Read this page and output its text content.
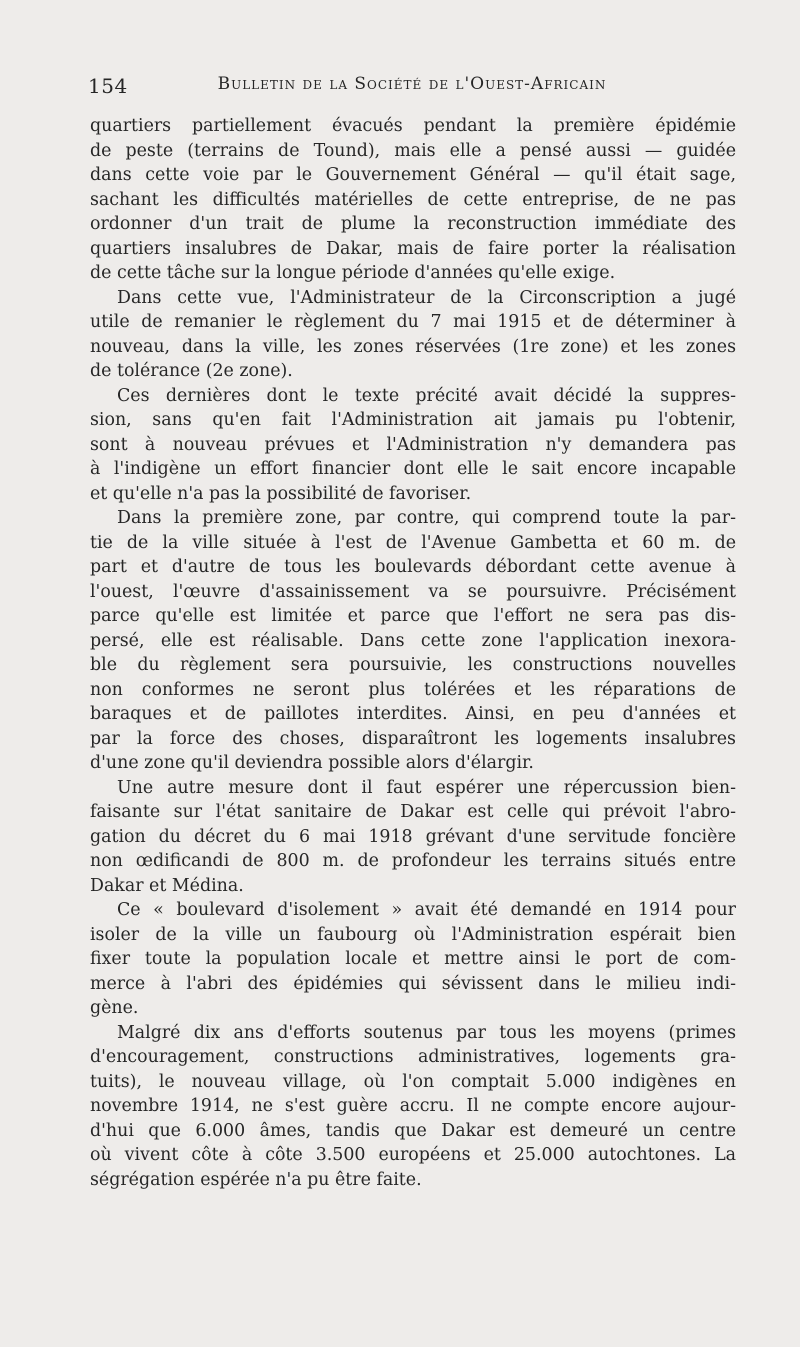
154	Bulletin de la Société de l'Ouest-Africain
quartiers partiellement évacués pendant la première épidémie
de peste (terrains de Tound), mais elle a pensé aussi — guidée
dans cette voie par le Gouvernement Général — qu'il était sage,
sachant les difficultés matérielles de cette entreprise, de ne pas
ordonner d'un trait de plume la reconstruction immédiate des
quartiers insalubres de Dakar, mais de faire porter la réalisation
de cette tâche sur la longue période d'années qu'elle exige.
Dans cette vue, l'Administrateur de la Circonscription a jugé
utile de remanier le règlement du 7 mai 1915 et de déterminer à
nouveau, dans la ville, les zones réservées (1re zone) et les zones
de tolérance (2e zone).
Ces dernières dont le texte précité avait décidé la suppres-
sion, sans qu'en fait l'Administration ait jamais pu l'obtenir,
sont à nouveau prévues et l'Administration n'y demandera pas
à l'indigène un effort financier dont elle le sait encore incapable
et qu'elle n'a pas la possibilité de favoriser.
Dans la première zone, par contre, qui comprend toute la par-
tie de la ville située à l'est de l'Avenue Gambetta et 60 m. de
part et d'autre de tous les boulevards débordant cette avenue à
l'ouest, l'œuvre d'assainissement va se poursuivre. Précisément
parce qu'elle est limitée et parce que l'effort ne sera pas dis-
persé, elle est réalisable. Dans cette zone l'application inexora-
ble du règlement sera poursuivie, les constructions nouvelles
non conformes ne seront plus tolérées et les réparations de
baraques et de paillotes interdites. Ainsi, en peu d'années et
par la force des choses, disparaîtront les logements insalubres
d'une zone qu'il deviendra possible alors d'élargir.
Une autre mesure dont il faut espérer une répercussion bien-
faisante sur l'état sanitaire de Dakar est celle qui prévoit l'abro-
gation du décret du 6 mai 1918 grévant d'une servitude foncière
non œdificandi de 800 m. de profondeur les terrains situés entre
Dakar et Médina.
Ce « boulevard d'isolement » avait été demandé en 1914 pour
isoler de la ville un faubourg où l'Administration espérait bien
fixer toute la population locale et mettre ainsi le port de com-
merce à l'abri des épidémies qui sévissent dans le milieu indi-
gène.
Malgré dix ans d'efforts soutenus par tous les moyens (primes
d'encouragement, constructions administratives, logements gra-
tuits), le nouveau village, où l'on comptait 5.000 indigènes en
novembre 1914, ne s'est guère accru. Il ne compte encore aujour-
d'hui que 6.000 âmes, tandis que Dakar est demeuré un centre
où vivent côte à côte 3.500 européens et 25.000 autochtones. La
ségrégation espérée n'a pu être faite.
